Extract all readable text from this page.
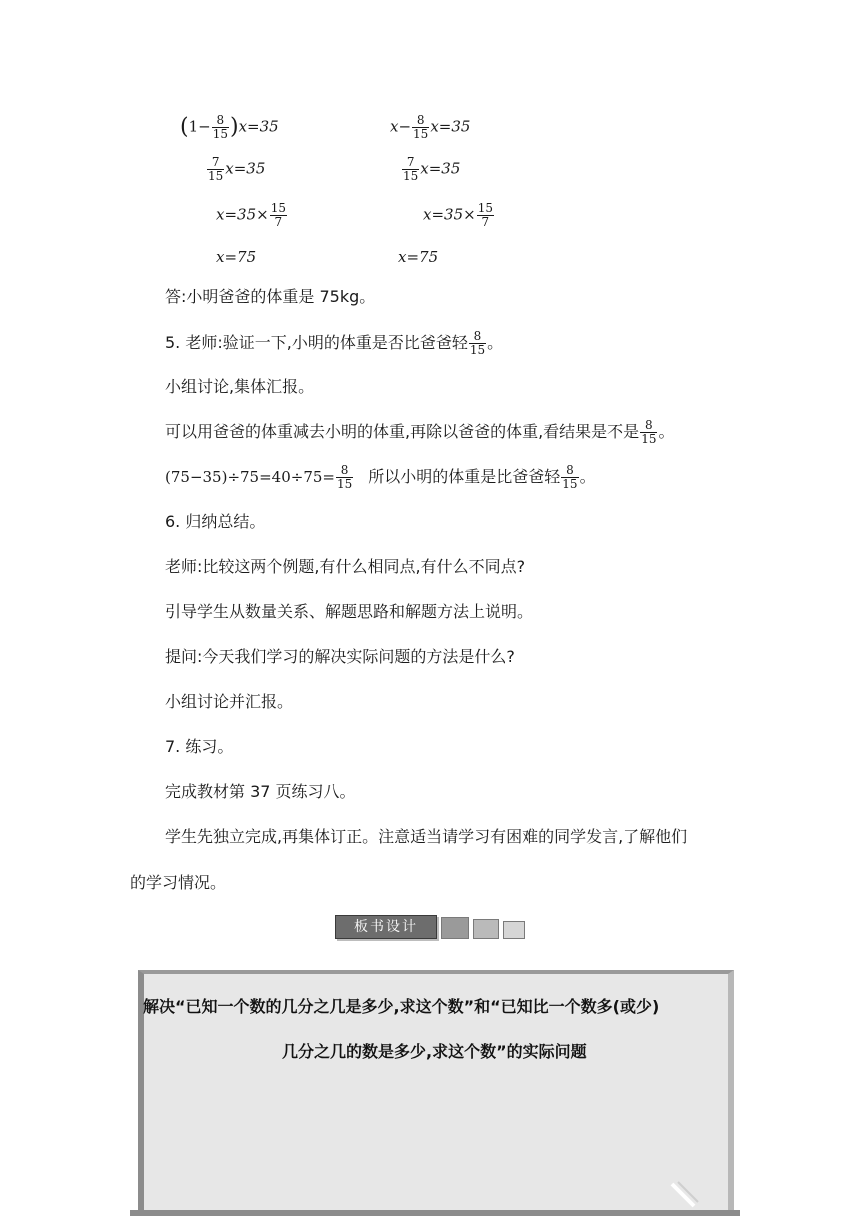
$(1- \frac{8}{15} )x=35$
$\frac{7}{15} x=35$
$x=35\times \frac{15}{7}$
x=75
$x- \frac{8}{15} x=35$
$\frac{7}{15} x=35$
$x=35\times \frac{15}{7}$
x=75
答:小明爸爸的体重是 75kg。
5. 老师:验证一下,小明的体重是否比爸爸轻 $\frac{8}{15}$ 。
小组讨论,集体汇报。
可以用爸爸的体重减去小明的体重,再除以爸爸的体重,看结果是不是 $\frac{8}{15}$ 。
$(75-35)\div 75=40\div 75= \frac{8}{15}$ 所以小明的体重是比爸爸轻 $\frac{8}{15}$ 。
6. 归纳总结。
老师:比较这两个例题,有什么相同点,有什么不同点?
引导学生从数量关系、解题思路和解题方法上说明。
提问:今天我们学习的解决实际问题的方法是什么?
小组讨论并汇报。
7. 练习。
完成教材第 37 页练习八。
学生先独立完成,再集体订正。注意适当请学习有困难的同学发言,了解他们
的学习情况。
板书设计
解决“已知一个数的几分之几是多少,求这个数”和“已知比一个数多(或少)
几分之几的数是多少,求这个数”的实际问题
